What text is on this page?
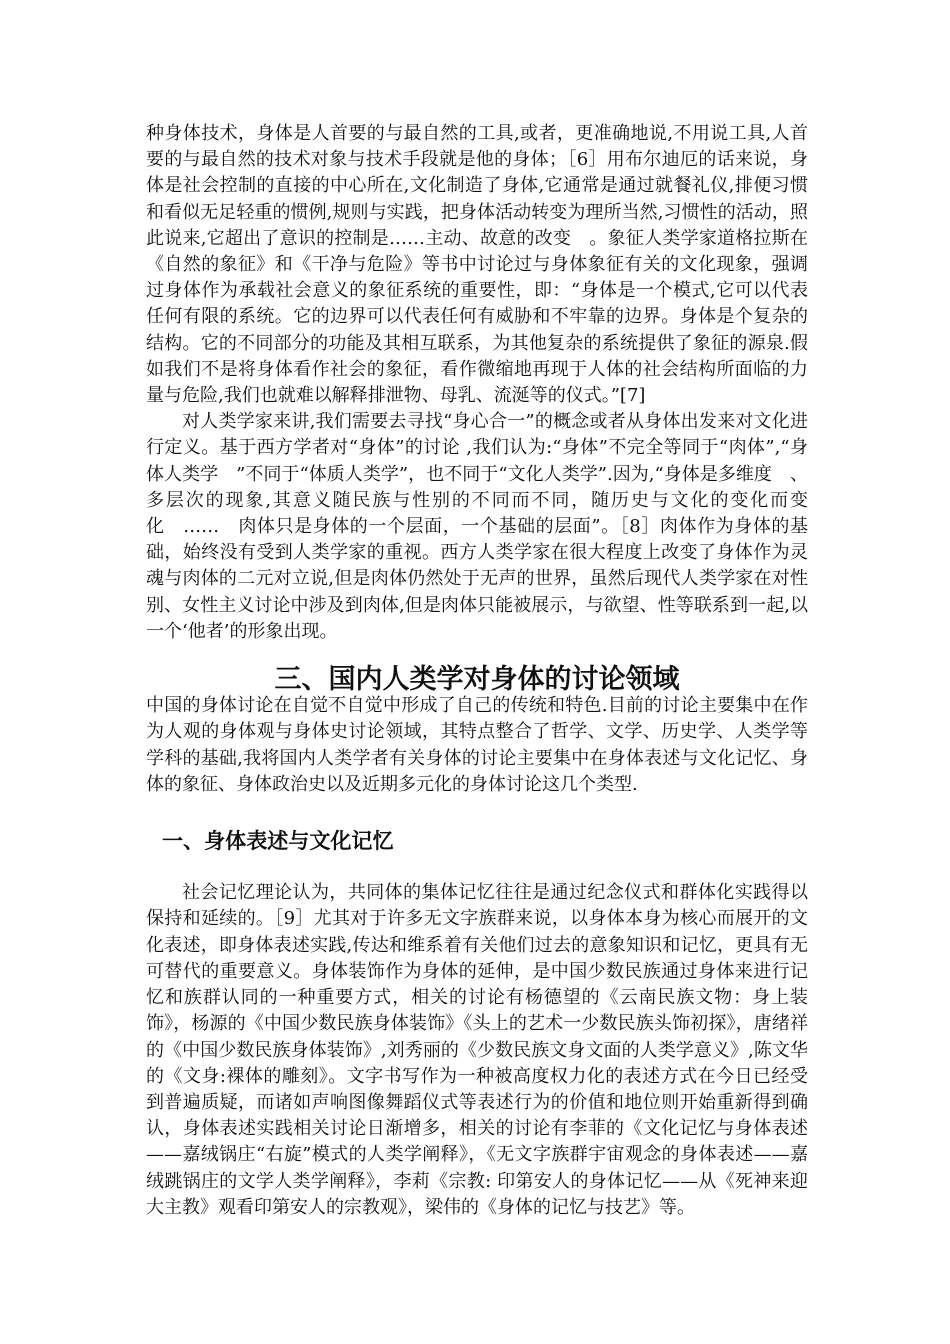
种身体技术，身体是人首要的与最自然的工具,或者，更准确地说,不用说工具,人首要的与最自然的技术对象与技术手段就是他的身体；［6］用布尔迪厄的话来说，身体是社会控制的直接的中心所在,文化制造了身体,它通常是通过就餐礼仪,排便习惯和看似无足轻重的惯例,规则与实践，把身体活动转变为理所当然,习惯性的活动，照此说来,它超出了意识的控制是……主动、故意的改变　。象征人类学家道格拉斯在《自然的象征》和《干净与危险》等书中讨论过与身体象征有关的文化现象，强调过身体作为承载社会意义的象征系统的重要性，即：“身体是一个模式,它可以代表任何有限的系统。它的边界可以代表任何有威胁和不牢靠的边界。身体是个复杂的结构。它的不同部分的功能及其相互联系，为其他复杂的系统提供了象征的源泉.假如我们不是将身体看作社会的象征，看作微缩地再现于人体的社会结构所面临的力量与危险,我们也就难以解释排泄物、母乳、流涎等的仪式。”[7]

对人类学家来讲,我们需要去寻找“身心合一”的概念或者从身体出发来对文化进行定义。基于西方学者对“身体”的讨论 ,我们认为:“身体”不完全等同于“肉体”,“身体人类学　”不同于“体质人类学”，也不同于“文化人类学”.因为,“身体是多维度　、多层次的现象,其意义随民族与性别的不同而不同，随历史与文化的变化而变化　……　肉体只是身体的一个层面，一个基础的层面”。［8］肉体作为身体的基础，始终没有受到人类学家的重视。西方人类学家在很大程度上改变了身体作为灵魂与肉体的二元对立说,但是肉体仍然处于无声的世界，虽然后现代人类学家在对性别、女性主义讨论中涉及到肉体,但是肉体只能被展示，与欲望、性等联系到一起,以一个‘他者’的形象出现。

三、国内人类学对身体的讨论领域

中国的身体讨论在自觉不自觉中形成了自己的传统和特色.目前的讨论主要集中在作为人观的身体观与身体史讨论领域，其特点整合了哲学、文学、历史学、人类学等学科的基础,我将国内人类学者有关身体的讨论主要集中在身体表述与文化记忆、身体的象征、身体政治史以及近期多元化的身体讨论这几个类型.

一、身体表述与文化记忆

社会记忆理论认为，共同体的集体记忆往往是通过纪念仪式和群体化实践得以保持和延续的。［9］尤其对于许多无文字族群来说，以身体本身为核心而展开的文化表述，即身体表述实践,传达和维系着有关他们过去的意象知识和记忆，更具有无可替代的重要意义。身体装饰作为身体的延伸，是中国少数民族通过身体来进行记忆和族群认同的一种重要方式，相关的讨论有杨德望的《云南民族文物：身上装饰》，杨源的《中国少数民族身体装饰》《头上的艺术一少数民族头饰初探》，唐绪祥的《中国少数民族身体装饰》,刘秀丽的《少数民族文身文面的人类学意义》,陈文华的《文身:裸体的雕刻》。文字书写作为一种被高度权力化的表述方式在今日已经受到普遍质疑，而诸如声响图像舞蹈仪式等表述行为的价值和地位则开始重新得到确认，身体表述实践相关讨论日渐增多，相关的讨论有李菲的《文化记忆与身体表述——嘉绒锅庄“右旋”模式的人类学阐释》，《无文字族群宇宙观念的身体表述——嘉绒跳锅庄的文学人类学阐释》，李莉《宗教: 印第安人的身体记忆——从《死神来迎大主教》观看印第安人的宗教观》，梁伟的《身体的记忆与技艺》等。
